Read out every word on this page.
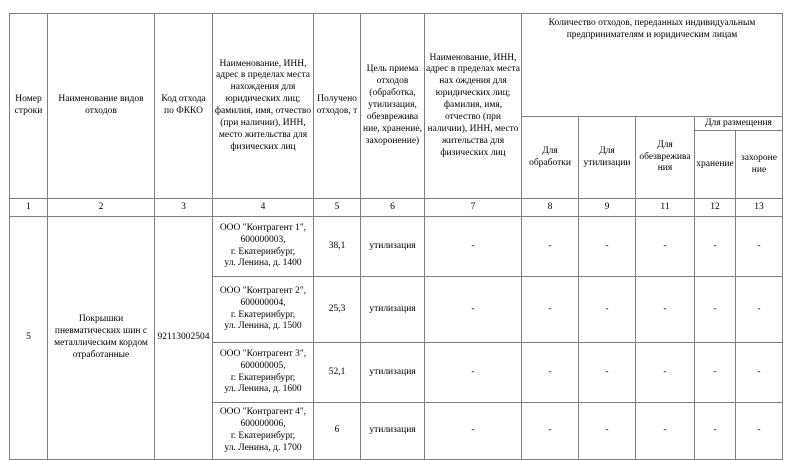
Номер строки	Наименование видов отходов	Код отхода по ФККО	Наименование, ИНН, адрес в пределах места нахождения для юридических лиц; фамилия, имя, отчество (при наличии), ИНН, место жительства для физических лиц	Получено отходов, т	Цель приема отходов (обработка, утилизация, обезврежива ние, хранение, захоронение)	Наименование, ИНН, адрес в пределах места нах ождения для юридических лиц; фамилия, имя, отчество (при наличии), ИНН, место жительства для физических лиц	Количество отходов, переданных индивидуальным предпринимателям и юридическим лицам				
							Для обработки	Для утилизации	Для обезврежива ния	Для размещения	
										хранение	захороне ние
1	2	3	4	5	6	7	8	9	11	12	13
5	Покрышки пневматических шин с металлическим кордом отработанные	92113002504	ООО "Контрагент 1",
600000003,
г. Екатеринбург,
ул. Ленина, д. 1400	38,1	утилизация	-	-	-	-	-	-
			ООО "Контрагент 2",
600000004,
г. Екатеринбург,
ул. Ленина, д. 1500	25,3	утилизация	-	-	-	-	-	-
			ООО "Контрагент 3",
600000005,
г. Екатеринбург,
ул. Ленина, д. 1600	52,1	утилизация	-	-	-	-	-	-
			ООО "Контрагент 4",
600000006,
г. Екатеринбург,
ул. Ленина, д. 1700	6	утилизация	-	-	-	-	-	-
